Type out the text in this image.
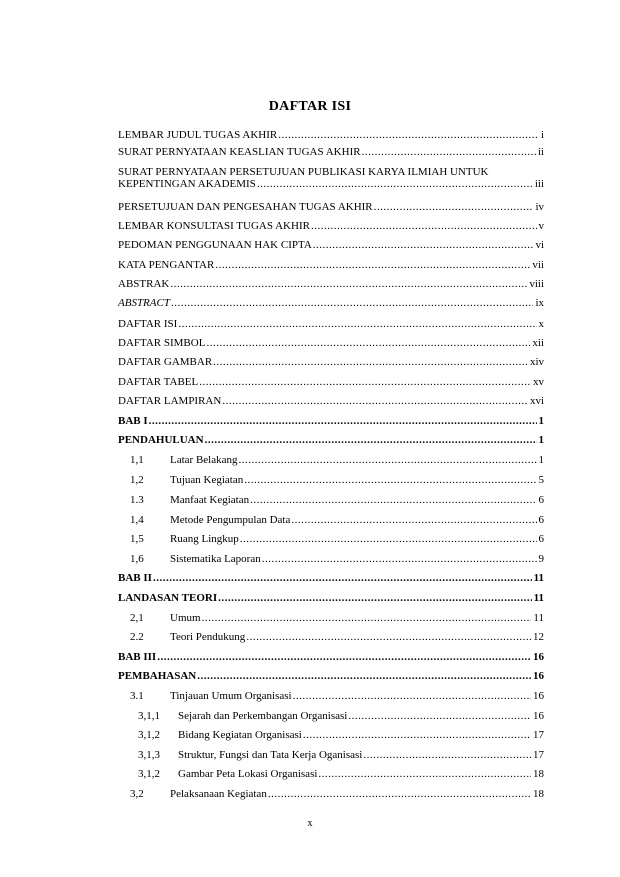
DAFTAR ISI
LEMBAR JUDUL TUGAS AKHIR .....	i
SURAT PERNYATAAN KEASLIAN TUGAS AKHIR .....	ii
SURAT PERNYATAAN PERSETUJUAN PUBLIKASI KARYA ILMIAH UNTUK
KEPENTINGAN AKADEMIS .....	iii
PERSETUJUAN DAN PENGESAHAN TUGAS AKHIR .....	iv
LEMBAR KONSULTASI TUGAS AKHIR .....	v
PEDOMAN PENGGUNAAN HAK CIPTA .....	vi
KATA PENGANTAR .....	vii
ABSTRAK .....	viii
ABSTRACT .....	ix
DAFTAR ISI .....	x
DAFTAR SIMBOL .....	xii
DAFTAR GAMBAR .....	xiv
DAFTAR TABEL .....	xv
DAFTAR LAMPIRAN .....	xvi
BAB I .....	1
PENDAHULUAN .....	1
1,1	Latar Belakang .....	1
1,2	Tujuan Kegiatan .....	5
1.3	Manfaat Kegiatan .....	6
1,4	Metode Pengumpulan Data .....	6
1,5	Ruang Lingkup .....	6
1,6	Sistematika Laporan .....	9
BAB II .....	11
LANDASAN TEORI .....	11
2,1	Umum .....	11
2.2	Teori Pendukung .....	12
BAB III .....	16
PEMBAHASAN .....	16
3.1	Tinjauan Umum Organisasi .....	16
3,1,1	Sejarah dan Perkembangan Organisasi .....	16
3,1,2	Bidang Kegiatan Organisasi .....	17
3,1,3	Struktur, Fungsi dan Tata Kerja Oganisasi .....	17
3,1,2	Gambar Peta Lokasi Organisasi .....	18
3,2	Pelaksanaan Kegiatan .....	18
x
